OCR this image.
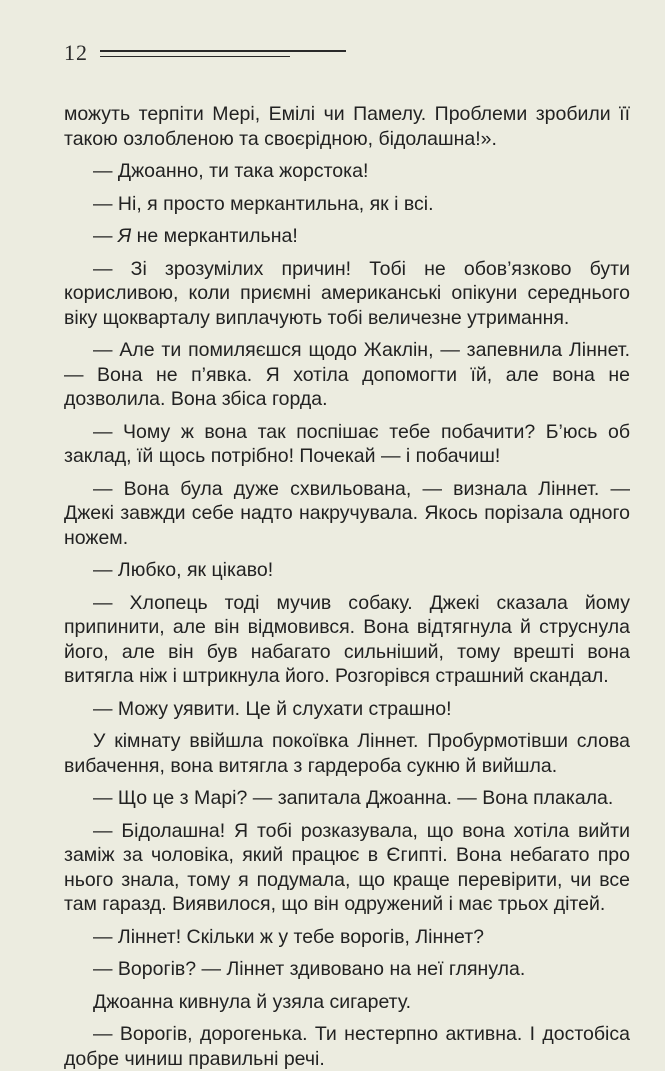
12

можуть терпіти Мері, Емілі чи Памелу. Проблеми зробили її такою озлобленою та своєрідною, бідолашна!».

— Джоанно, ти така жорстока!

— Ні, я просто меркантильна, як і всі.

— Я не меркантильна!

— Зі зрозумілих причин! Тобі не обов’язково бути корисливою, коли приємні американські опікуни середнього віку щокварталу виплачують тобі величезне утримання.

— Але ти помиляєшся щодо Жаклін, — запевнила Ліннет. — Вона не п’явка. Я хотіла допомогти їй, але вона не дозволила. Вона збіса горда.

— Чому ж вона так поспішає тебе побачити? Б’юсь об заклад, їй щось потрібно! Почекай — і побачиш!

— Вона була дуже схвильована, — визнала Ліннет. — Джекі завжди себе надто накручувала. Якось порізала одного ножем.

— Любко, як цікаво!

— Хлопець тоді мучив собаку. Джекі сказала йому припинити, але він відмовився. Вона відтягнула й струснула його, але він був набагато сильніший, тому врешті вона витягла ніж і штрикнула його. Розгорівся страшний скандал.

— Можу уявити. Це й слухати страшно!

У кімнату ввійшла покоївка Ліннет. Пробурмотівши слова вибачення, вона витягла з гардероба сукню й вийшла.

— Що це з Марі? — запитала Джоанна. — Вона плакала.

— Бідолашна! Я тобі розказувала, що вона хотіла вийти заміж за чоловіка, який працює в Єгипті. Вона небагато про нього знала, тому я подумала, що краще перевірити, чи все там гаразд. Виявилося, що він одружений і має трьох дітей.

— Ліннет! Скільки ж у тебе ворогів, Ліннет?

— Ворогів? — Ліннет здивовано на неї глянула.

Джоанна кивнула й узяла сигарету.

— Ворогів, дорогенька. Ти нестерпно активна. І достобіса добре чиниш правильні речі.
